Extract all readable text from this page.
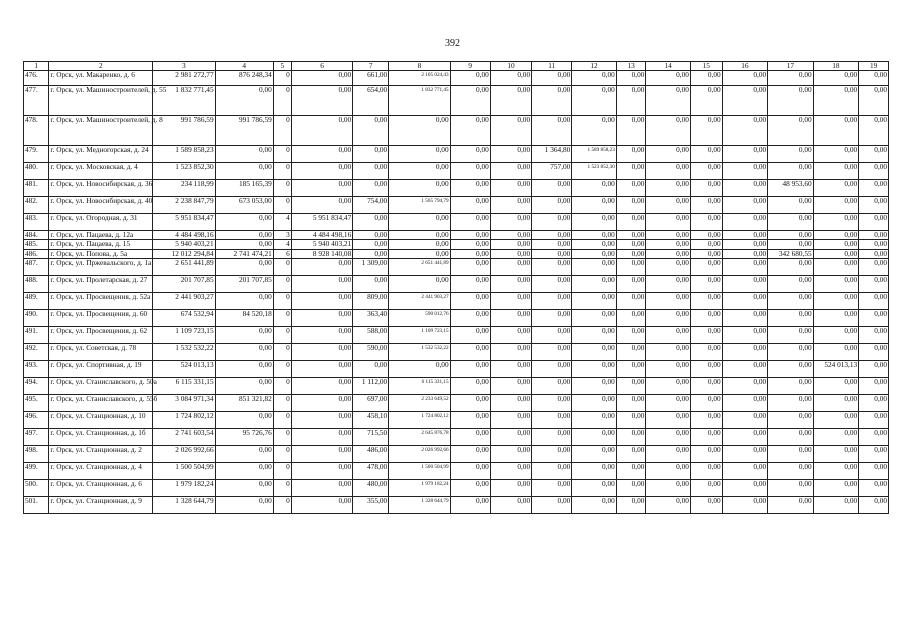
392
1	2	3	4	5	6	7	8	9	10	11	12	13	14	15	16	17	18	19
476.	г. Орск, ул. Макаренко, д. 6	2 981 272,77	876 248,34	0	0,00	661,00	2 105 024,43	0,00	0,00	0,00	0,00	0,00	0,00	0,00	0,00	0,00	0,00	0,00
477.	г. Орск, ул. Машиностроителей, д. 55	1 832 771,45	0,00	0	0,00	654,00	1 832 771,45	0,00	0,00	0,00	0,00	0,00	0,00	0,00	0,00	0,00	0,00	0,00
478.	г. Орск, ул. Машиностроителей, д. 8	991 786,59	991 786,59	0	0,00	0,00	0,00	0,00	0,00	0,00	0,00	0,00	0,00	0,00	0,00	0,00	0,00	0,00
479.	г. Орск, ул. Медногорская, д. 24	1 589 858,23	0,00	0	0,00	0,00	0,00	0,00	0,00	1 364,80	1 589 858,23	0,00	0,00	0,00	0,00	0,00	0,00	0,00
480.	г. Орск, ул. Московская, д. 4	1 523 852,30	0,00	0	0,00	0,00	0,00	0,00	0,00	757,00	1 523 852,30	0,00	0,00	0,00	0,00	0,00	0,00	0,00
481.	г. Орск, ул. Новосибирская, д. 36	234 118,99	185 165,39	0	0,00	0,00	0,00	0,00	0,00	0,00	0,00	0,00	0,00	0,00	0,00	48 953,60	0,00	0,00
482.	г. Орск, ул. Новосибирская, д. 40	2 238 847,79	673 053,00	0	0,00	754,00	1 565 794,79	0,00	0,00	0,00	0,00	0,00	0,00	0,00	0,00	0,00	0,00	0,00
483.	г. Орск, ул. Огородная, д. 31	5 951 834,47	0,00	4	5 951 834,47	0,00	0,00	0,00	0,00	0,00	0,00	0,00	0,00	0,00	0,00	0,00	0,00	0,00
484.	г. Орск, ул. Пацаева, д. 12а	4 484 498,16	0,00	3	4 484 498,16	0,00	0,00	0,00	0,00	0,00	0,00	0,00	0,00	0,00	0,00	0,00	0,00	0,00
485.	г. Орск, ул. Пацаева, д. 15	5 940 403,21	0,00	4	5 940 403,21	0,00	0,00	0,00	0,00	0,00	0,00	0,00	0,00	0,00	0,00	0,00	0,00	0,00
486.	г. Орск, ул. Попова, д. 5а	12 012 294,84	2 741 474,21	6	8 928 140,08	0,00	0,00	0,00	0,00	0,00	0,00	0,00	0,00	0,00	0,00	342 680,55	0,00	0,00
487.	г. Орск, ул. Пржевальского, д. 1а	2 651 441,89	0,00	0	0,00	1 309,00	2 651 441,89	0,00	0,00	0,00	0,00	0,00	0,00	0,00	0,00	0,00	0,00	0,00
488.	г. Орск, ул. Пролетарская, д. 27	201 707,85	201 707,85	0	0,00	0,00	0,00	0,00	0,00	0,00	0,00	0,00	0,00	0,00	0,00	0,00	0,00	0,00
489.	г. Орск, ул. Просвещения, д. 52а	2 441 903,27	0,00	0	0,00	809,00	2 441 903,27	0,00	0,00	0,00	0,00	0,00	0,00	0,00	0,00	0,00	0,00	0,00
490.	г. Орск, ул. Просвещения, д. 60	674 532,94	84 520,18	0	0,00	363,40	590 012,76	0,00	0,00	0,00	0,00	0,00	0,00	0,00	0,00	0,00	0,00	0,00
491.	г. Орск, ул. Просвещения, д. 62	1 109 723,15	0,00	0	0,00	588,00	1 109 723,15	0,00	0,00	0,00	0,00	0,00	0,00	0,00	0,00	0,00	0,00	0,00
492.	г. Орск, ул. Советская, д. 78	1 532 532,22	0,00	0	0,00	590,00	1 532 532,22	0,00	0,00	0,00	0,00	0,00	0,00	0,00	0,00	0,00	0,00	0,00
493.	г. Орск, ул. Спортивная, д. 19	524 013,13	0,00	0	0,00	0,00	0,00	0,00	0,00	0,00	0,00	0,00	0,00	0,00	0,00	0,00	524 013,13	0,00
494.	г. Орск, ул. Станиславского, д. 50а	6 115 331,15	0,00	0	0,00	1 112,00	6 115 331,15	0,00	0,00	0,00	0,00	0,00	0,00	0,00	0,00	0,00	0,00	0,00
495.	г. Орск, ул. Станиславского, д. 55б	3 084 971,34	851 321,82	0	0,00	697,00	2 233 649,52	0,00	0,00	0,00	0,00	0,00	0,00	0,00	0,00	0,00	0,00	0,00
496.	г. Орск, ул. Станционная, д. 10	1 724 802,12	0,00	0	0,00	458,10	1 724 802,12	0,00	0,00	0,00	0,00	0,00	0,00	0,00	0,00	0,00	0,00	0,00
497.	г. Орск, ул. Станционная, д. 1б	2 741 603,54	95 726,76	0	0,00	715,50	2 645 876,78	0,00	0,00	0,00	0,00	0,00	0,00	0,00	0,00	0,00	0,00	0,00
498.	г. Орск, ул. Станционная, д. 2	2 026 992,66	0,00	0	0,00	486,00	2 026 992,66	0,00	0,00	0,00	0,00	0,00	0,00	0,00	0,00	0,00	0,00	0,00
499.	г. Орск, ул. Станционная, д. 4	1 500 504,99	0,00	0	0,00	478,00	1 500 504,99	0,00	0,00	0,00	0,00	0,00	0,00	0,00	0,00	0,00	0,00	0,00
500.	г. Орск, ул. Станционная, д. 6	1 979 182,24	0,00	0	0,00	480,00	1 979 182,24	0,00	0,00	0,00	0,00	0,00	0,00	0,00	0,00	0,00	0,00	0,00
501.	г. Орск, ул. Станционная, д. 9	1 328 644,79	0,00	0	0,00	355,00	1 328 644,79	0,00	0,00	0,00	0,00	0,00	0,00	0,00	0,00	0,00	0,00	0,00
